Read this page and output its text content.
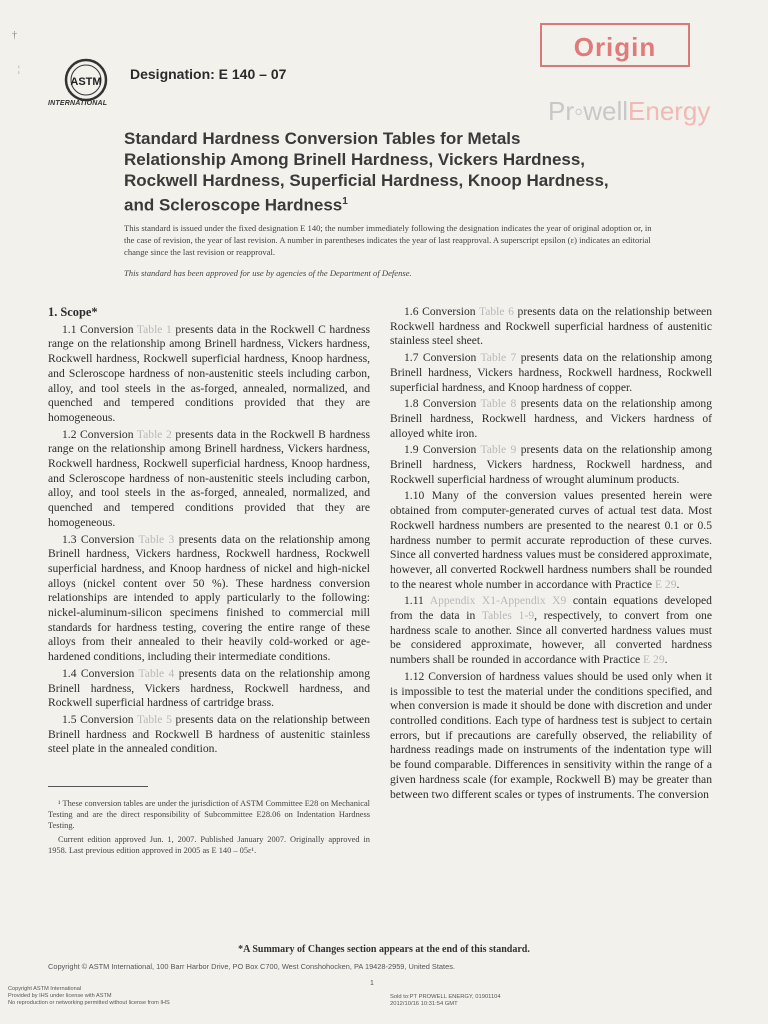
†
¦
ASTM
INTERNATIONAL
Designation: E 140 – 07
Origin
Pr◦wellEnergy
Standard Hardness Conversion Tables for Metals
Relationship Among Brinell Hardness, Vickers Hardness,
Rockwell Hardness, Superficial Hardness, Knoop Hardness,
and Scleroscope Hardness$^1$
This standard is issued under the fixed designation E 140; the number immediately following the designation indicates the year of original adoption or, in the case of revision, the year of last revision. A number in parentheses indicates the year of last reapproval. A superscript epsilon (ε) indicates an editorial change since the last revision or reapproval.
This standard has been approved for use by agencies of the Department of Defense.

1. Scope*

1.1 Conversion Table 1 presents data in the Rockwell C hardness range on the relationship among Brinell hardness, Vickers hardness, Rockwell hardness, Rockwell superficial hardness, Knoop hardness, and Scleroscope hardness of non-austenitic steels including carbon, alloy, and tool steels in the as-forged, annealed, normalized, and quenched and tempered conditions provided that they are homogeneous.

1.2 Conversion Table 2 presents data in the Rockwell B hardness range on the relationship among Brinell hardness, Vickers hardness, Rockwell hardness, Rockwell superficial hardness, Knoop hardness, and Scleroscope hardness of non-austenitic steels including carbon, alloy, and tool steels in the as-forged, annealed, normalized, and quenched and tempered conditions provided that they are homogeneous.

1.3 Conversion Table 3 presents data on the relationship among Brinell hardness, Vickers hardness, Rockwell hardness, Rockwell superficial hardness, and Knoop hardness of nickel and high-nickel alloys (nickel content over 50 %). These hardness conversion relationships are intended to apply particularly to the following: nickel-aluminum-silicon specimens finished to commercial mill standards for hardness testing, covering the entire range of these alloys from their annealed to their heavily cold-worked or age-hardened conditions, including their intermediate conditions.

1.4 Conversion Table 4 presents data on the relationship among Brinell hardness, Vickers hardness, Rockwell hardness, and Rockwell superficial hardness of cartridge brass.

1.5 Conversion Table 5 presents data on the relationship between Brinell hardness and Rockwell B hardness of austenitic stainless steel plate in the annealed condition.

1.6 Conversion Table 6 presents data on the relationship between Rockwell hardness and Rockwell superficial hardness of austenitic stainless steel sheet.

1.7 Conversion Table 7 presents data on the relationship among Brinell hardness, Vickers hardness, Rockwell hardness, Rockwell superficial hardness, and Knoop hardness of copper.

1.8 Conversion Table 8 presents data on the relationship among Brinell hardness, Rockwell hardness, and Vickers hardness of alloyed white iron.

1.9 Conversion Table 9 presents data on the relationship among Brinell hardness, Vickers hardness, Rockwell hardness, and Rockwell superficial hardness of wrought aluminum products.

1.10 Many of the conversion values presented herein were obtained from computer-generated curves of actual test data. Most Rockwell hardness numbers are presented to the nearest 0.1 or 0.5 hardness number to permit accurate reproduction of these curves. Since all converted hardness values must be considered approximate, however, all converted Rockwell hardness numbers shall be rounded to the nearest whole number in accordance with Practice E 29.

1.11 Appendix X1-Appendix X9 contain equations developed from the data in Tables 1-9, respectively, to convert from one hardness scale to another. Since all converted hardness values must be considered approximate, however, all converted hardness numbers shall be rounded in accordance with Practice E 29.

1.12 Conversion of hardness values should be used only when it is impossible to test the material under the conditions specified, and when conversion is made it should be done with discretion and under controlled conditions. Each type of hardness test is subject to certain errors, but if precautions are carefully observed, the reliability of hardness readings made on instruments of the indentation type will be found comparable. Differences in sensitivity within the range of a given hardness scale (for example, Rockwell B) may be greater than between two different scales or types of instruments. The conversion

¹ These conversion tables are under the jurisdiction of ASTM Committee E28 on Mechanical Testing and are the direct responsibility of Subcommittee E28.06 on Indentation Hardness Testing.

Current edition approved Jun. 1, 2007. Published January 2007. Originally approved in 1958. Last previous edition approved in 2005 as E 140 – 05ε¹.

*A Summary of Changes section appears at the end of this standard.
Copyright © ASTM International, 100 Barr Harbor Drive, PO Box C700, West Conshohocken, PA 19428-2959, United States.
1
Copyright ASTM International
Provided by IHS under license with ASTM
No reproduction or networking permitted without license from IHS
Sold to:PT PROWELL ENERGY, 01901104
2012/10/16 10:31:54 GMT
